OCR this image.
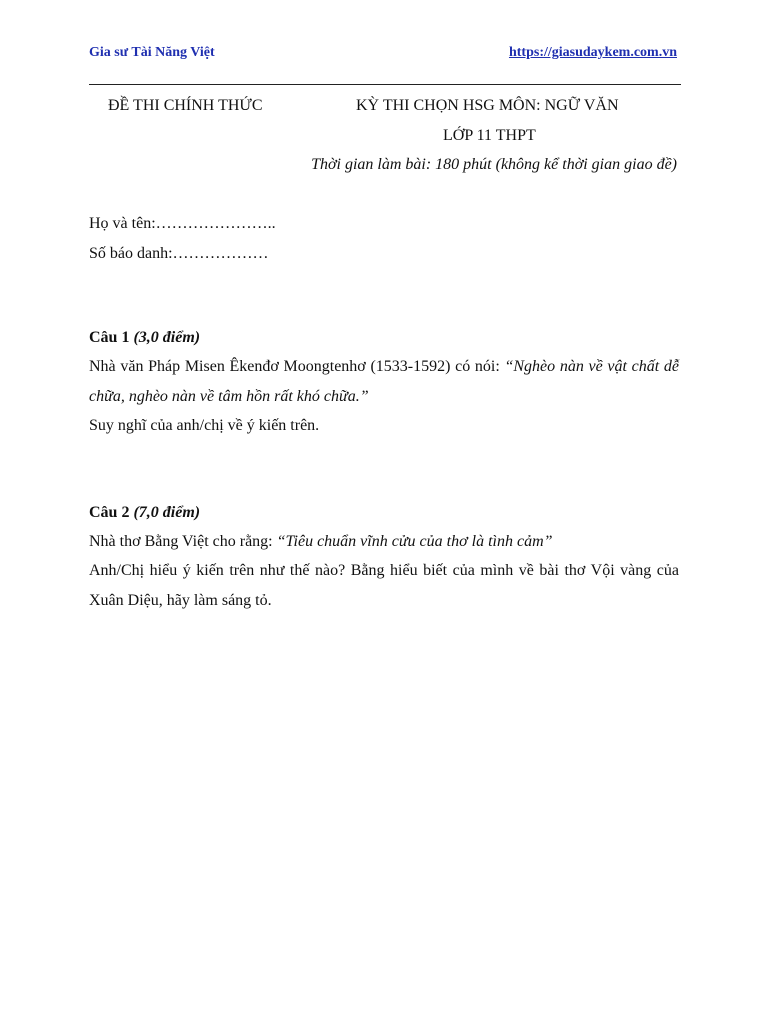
Gia sư Tài Năng Việt	https://giasudaykem.com.vn
ĐỀ THI CHÍNH THỨC	KỲ THI CHỌN HSG MÔN: NGỮ VĂN
LỚP 11 THPT
Thời gian làm bài: 180 phút (không kể thời gian giao đề)
Họ và tên:…………………..
Số báo danh:………………
Câu 1 (3,0 điểm)
Nhà văn Pháp Misen Êkenđơ Moongtenhơ (1533-1592) có nói: “Nghèo nàn về vật chất dễ chữa, nghèo nàn về tâm hồn rất khó chữa.”
Suy nghĩ của anh/chị về ý kiến trên.
Câu 2 (7,0 điểm)
Nhà thơ Bằng Việt cho rằng: “Tiêu chuẩn vĩnh cửu của thơ là tình cảm”
Anh/Chị hiểu ý kiến trên như thế nào? Bằng hiểu biết của mình về bài thơ Vội vàng của Xuân Diệu, hãy làm sáng tỏ.
